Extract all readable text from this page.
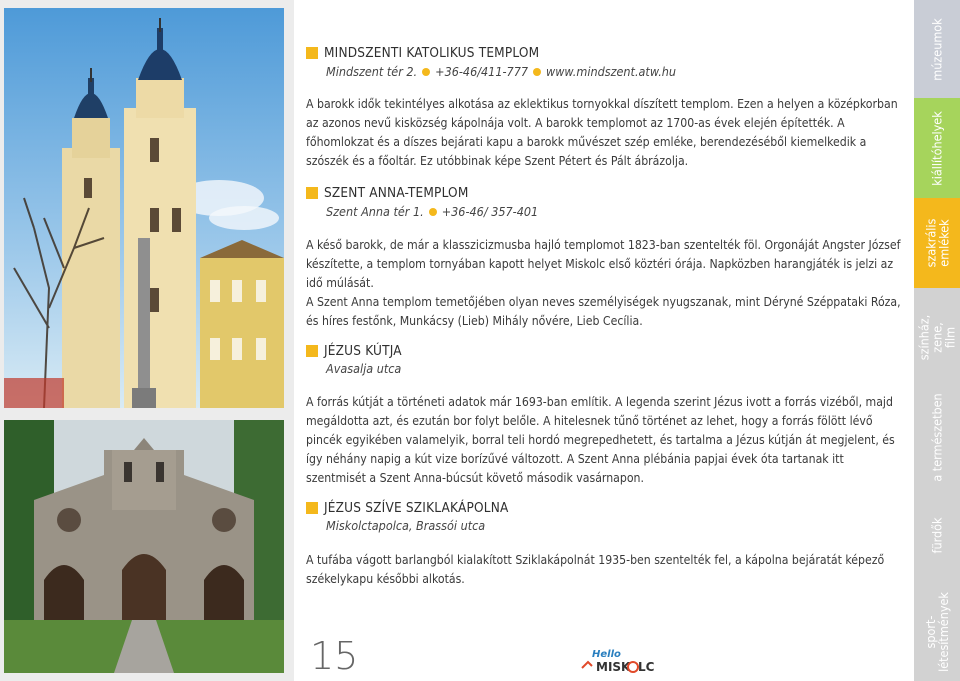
MINDSZENTI KATOLIKUS TEMPLOM
Mindszent tér 2. +36-46/411-777 www.mindszent.atw.hu

A barokk idők tekintélyes alkotása az eklektikus tornyokkal díszített templom. Ezen a helyen a középkorban az azonos nevű kisközség kápolnája volt. A barokk templomot az 1700-as évek elején építették. A főhomlokzat és a díszes bejárati kapu a barokk művészet szép emléke, berendezéséből kiemelkedik a szószék és a főoltár. Ez utóbbinak képe Szent Pétert és Pált ábrázolja.

SZENT ANNA-TEMPLOM
Szent Anna tér 1. +36-46/ 357-401

A késő barokk, de már a klasszicizmusba hajló templomot 1823-ban szentelték föl. Orgonáját Angster József készítette, a templom tornyában kapott helyet Miskolc első köztéri órája. Napközben harangjáték is jelzi az idő múlását.

A Szent Anna templom temetőjében olyan neves személyiségek nyugszanak, mint Déryné Széppataki Róza, és híres festőnk, Munkácsy (Lieb) Mihály nővére, Lieb Cecília.

JÉZUS KÚTJA
Avasalja utca

A forrás kútját a történeti adatok már 1693-ban említik. A legenda szerint Jézus ivott a forrás vizéből, majd megáldotta azt, és ezután bor folyt belőle. A hitelesnek tűnő történet az lehet, hogy a forrás fölött lévő pincék egyikében valamelyik, borral teli hordó megrepedhetett, és tartalma a Jézus kútján át megjelent, és így néhány napig a kút vize borízűvé változott. A Szent Anna plébánia papjai évek óta tartanak itt szentmisét a Szent Anna-búcsút követő második vasárnapon.

JÉZUS SZÍVE SZIKLAKÁPOLNA
Miskolctapolca, Brassói utca

A tufába vágott barlangból kialakított Sziklakápolnát 1935-ben szentelték fel, a kápolna bejáratát képező székelykapu későbbi alkotás.

15	Hello
MISK LC
múzeumok
kiállítóhelyek
szakrális emlékek
színház, zene, film
a természetben
fürdők
sport-létesítmények
